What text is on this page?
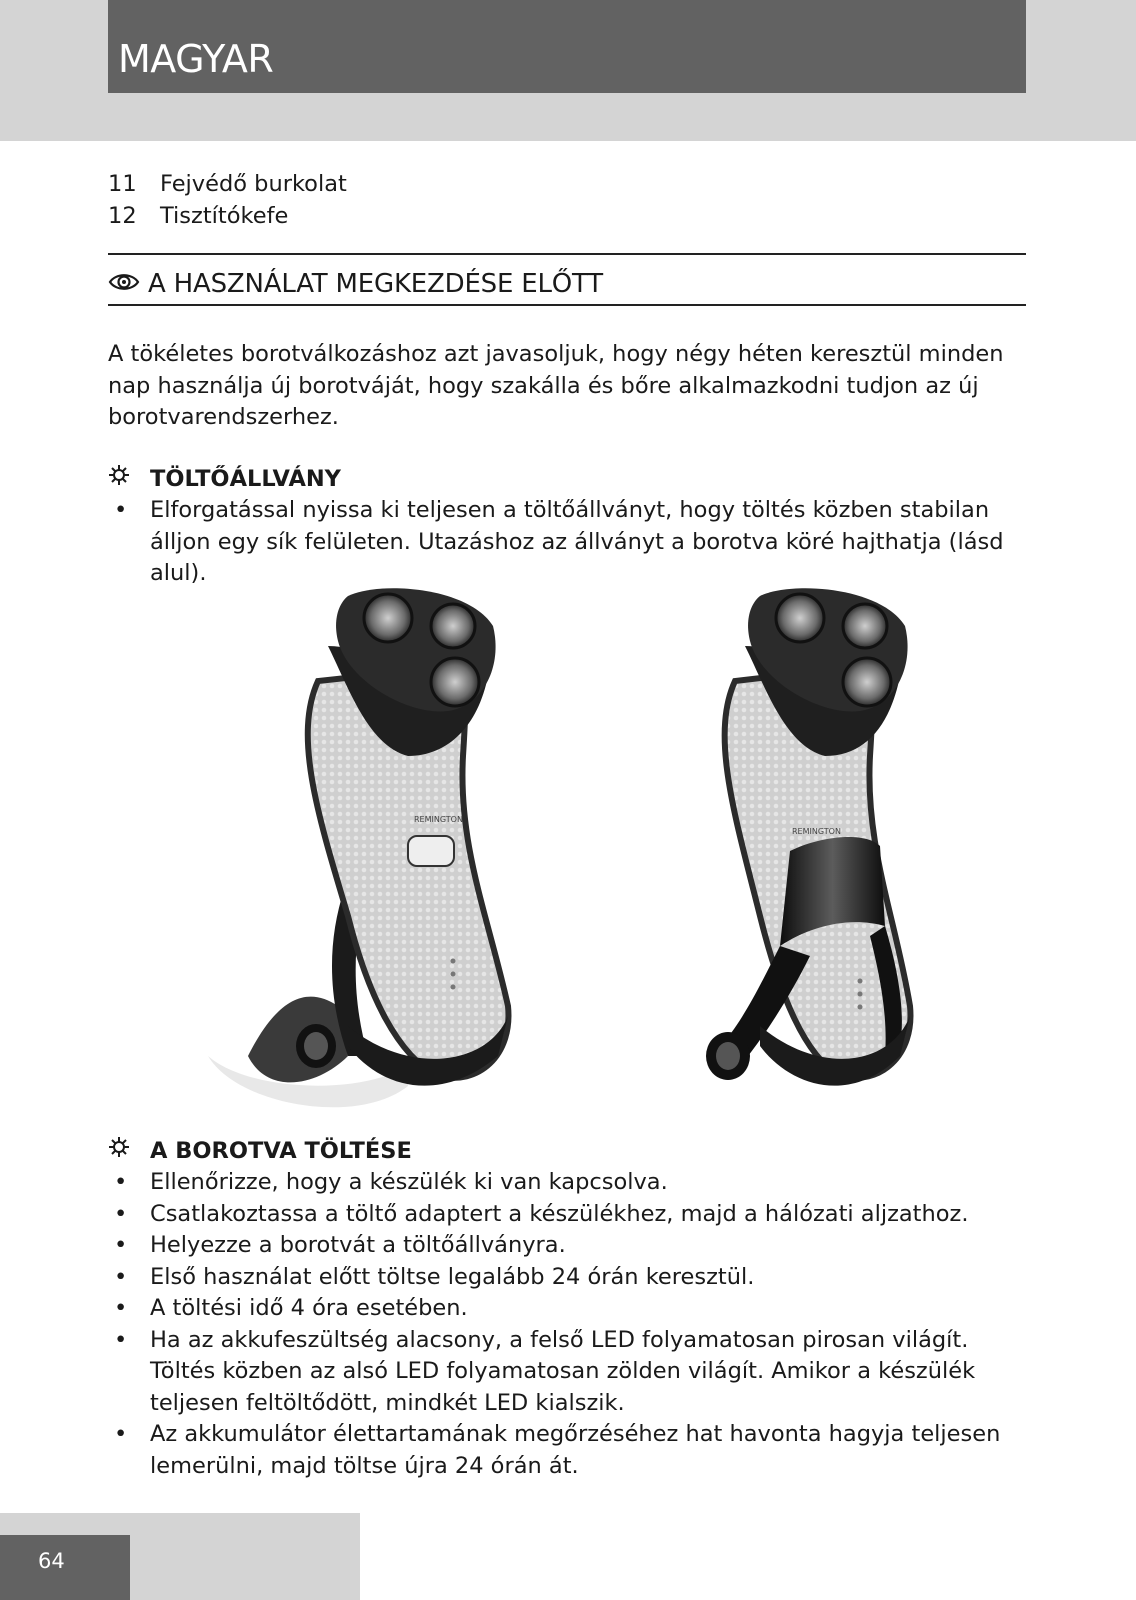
MAGYAR
11 Fejvédő burkolat
12 Tisztítókefe
A HASZNÁLAT MEGKEZDÉSE ELŐTT

A tökéletes borotválkozáshoz azt javasoljuk, hogy négy héten keresztül minden nap használja új borotváját, hogy szakálla és bőre alkalmazkodni tudjon az új borotvarendszerhez.

TÖLTŐÁLLVÁNY
• Elforgatással nyissa ki teljesen a töltőállványt, hogy töltés közben stabilan álljon egy sík felületen. Utazáshoz az állványt a borotva köré hajthatja (lásd alul).
REMINGTON
REMINGTON
A BOROTVA TÖLTÉSE
• Ellenőrizze, hogy a készülék ki van kapcsolva.
• Csatlakoztassa a töltő adaptert a készülékhez, majd a hálózati aljzathoz.
• Helyezze a borotvát a töltőállványra.
• Első használat előtt töltse legalább 24 órán keresztül.
• A töltési idő 4 óra esetében.
• Ha az akkufeszültség alacsony, a felső LED folyamatosan pirosan világít. Töltés közben az alsó LED folyamatosan zölden világít. Amikor a készülék teljesen feltöltődött, mindkét LED kialszik.
• Az akkumulátor élettartamának megőrzéséhez hat havonta hagyja teljesen lemerülni, majd töltse újra 24 órán át.
64
